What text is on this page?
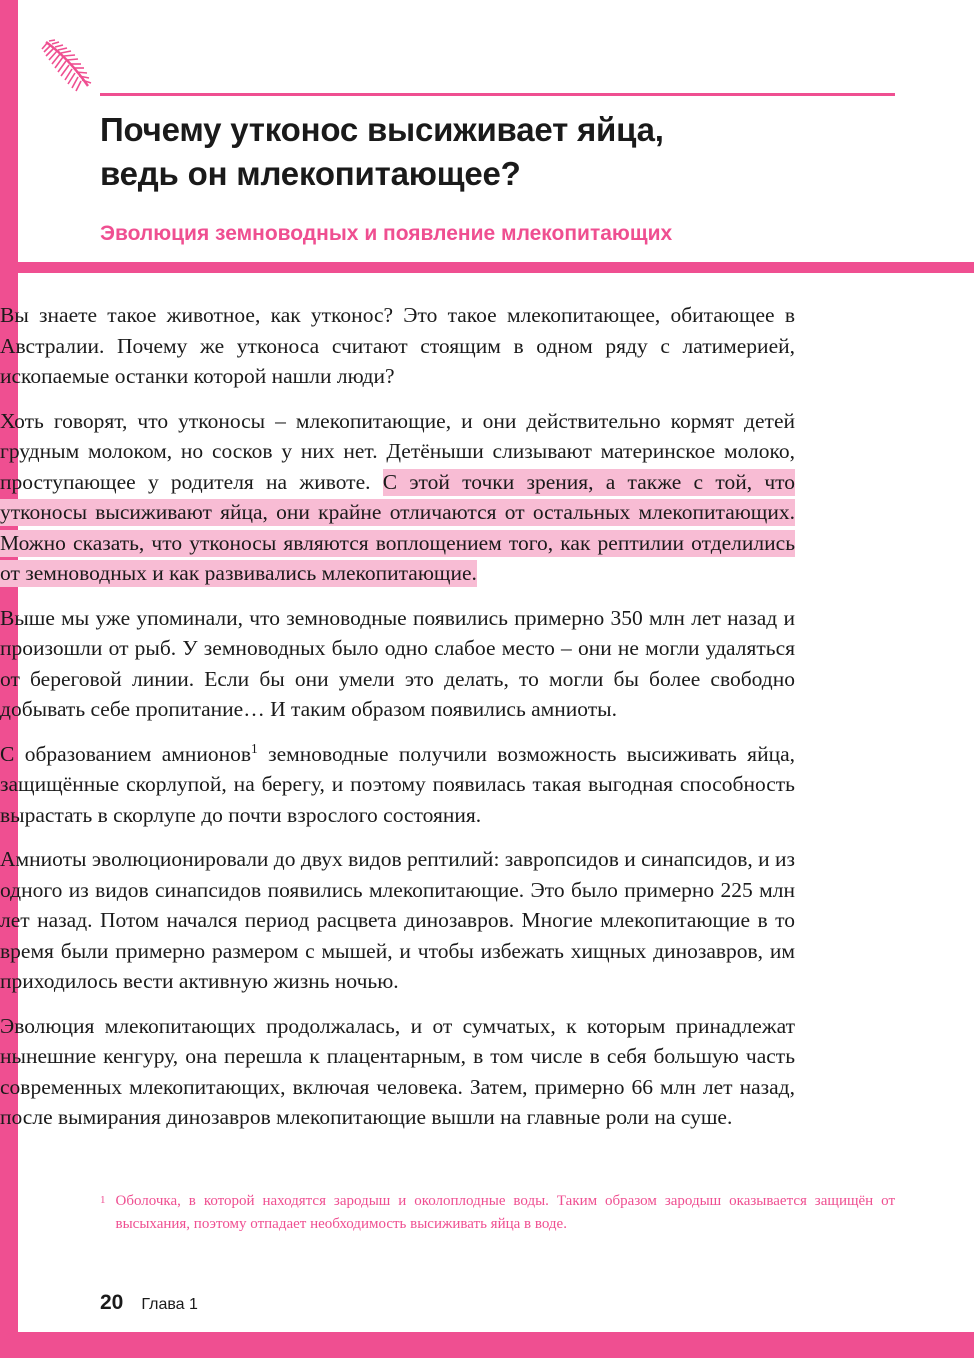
Почему утконос высиживает яйца,
ведь он млекопитающее?
Эволюция земноводных и появление млекопитающих

Вы знаете такое животное, как утконос? Это такое млекопитающее, обитающее в Австралии. Почему же утконоса считают стоящим в одном ряду с латимерией, ископаемые останки которой нашли люди?

Хоть говорят, что утконосы – млекопитающие, и они действительно кормят детей грудным молоком, но сосков у них нет. Детёныши слизывают материнское молоко, проступающее у родителя на животе. С этой точки зрения, а также с той, что утконосы высиживают яйца, они крайне отличаются от остальных млекопитающих. Можно сказать, что утконосы являются воплощением того, как рептилии отделились от земноводных и как развивались млекопитающие.

Выше мы уже упоминали, что земноводные появились примерно 350 млн лет назад и произошли от рыб. У земноводных было одно слабое место – они не могли удаляться от береговой линии. Если бы они умели это делать, то могли бы более свободно добывать себе пропитание… И таким образом появились амниоты.

С образованием амнионов$^1$ земноводные получили возможность высиживать яйца, защищённые скорлупой, на берегу, и поэтому появилась такая выгодная способность вырастать в скорлупе до почти взрослого состояния.

Амниоты эволюционировали до двух видов рептилий: завропсидов и синапсидов, и из одного из видов синапсидов появились млекопитающие. Это было примерно 225 млн лет назад. Потом начался период расцвета динозавров. Многие млекопитающие в то время были примерно размером с мышей, и чтобы избежать хищных динозавров, им приходилось вести активную жизнь ночью.

Эволюция млекопитающих продолжалась, и от сумчатых, к которым принадлежат нынешние кенгуру, она перешла к плацентарным, в том числе в себя большую часть современных млекопитающих, включая человека. Затем, примерно 66 млн лет назад, после вымирания динозавров млекопитающие вышли на главные роли на суше.

1 Оболочка, в которой находятся зародыш и околоплодные воды. Таким образом зародыш оказывается защищён от высыхания, поэтому отпадает необходимость высиживать яйца в воде.
20 Глава 1
